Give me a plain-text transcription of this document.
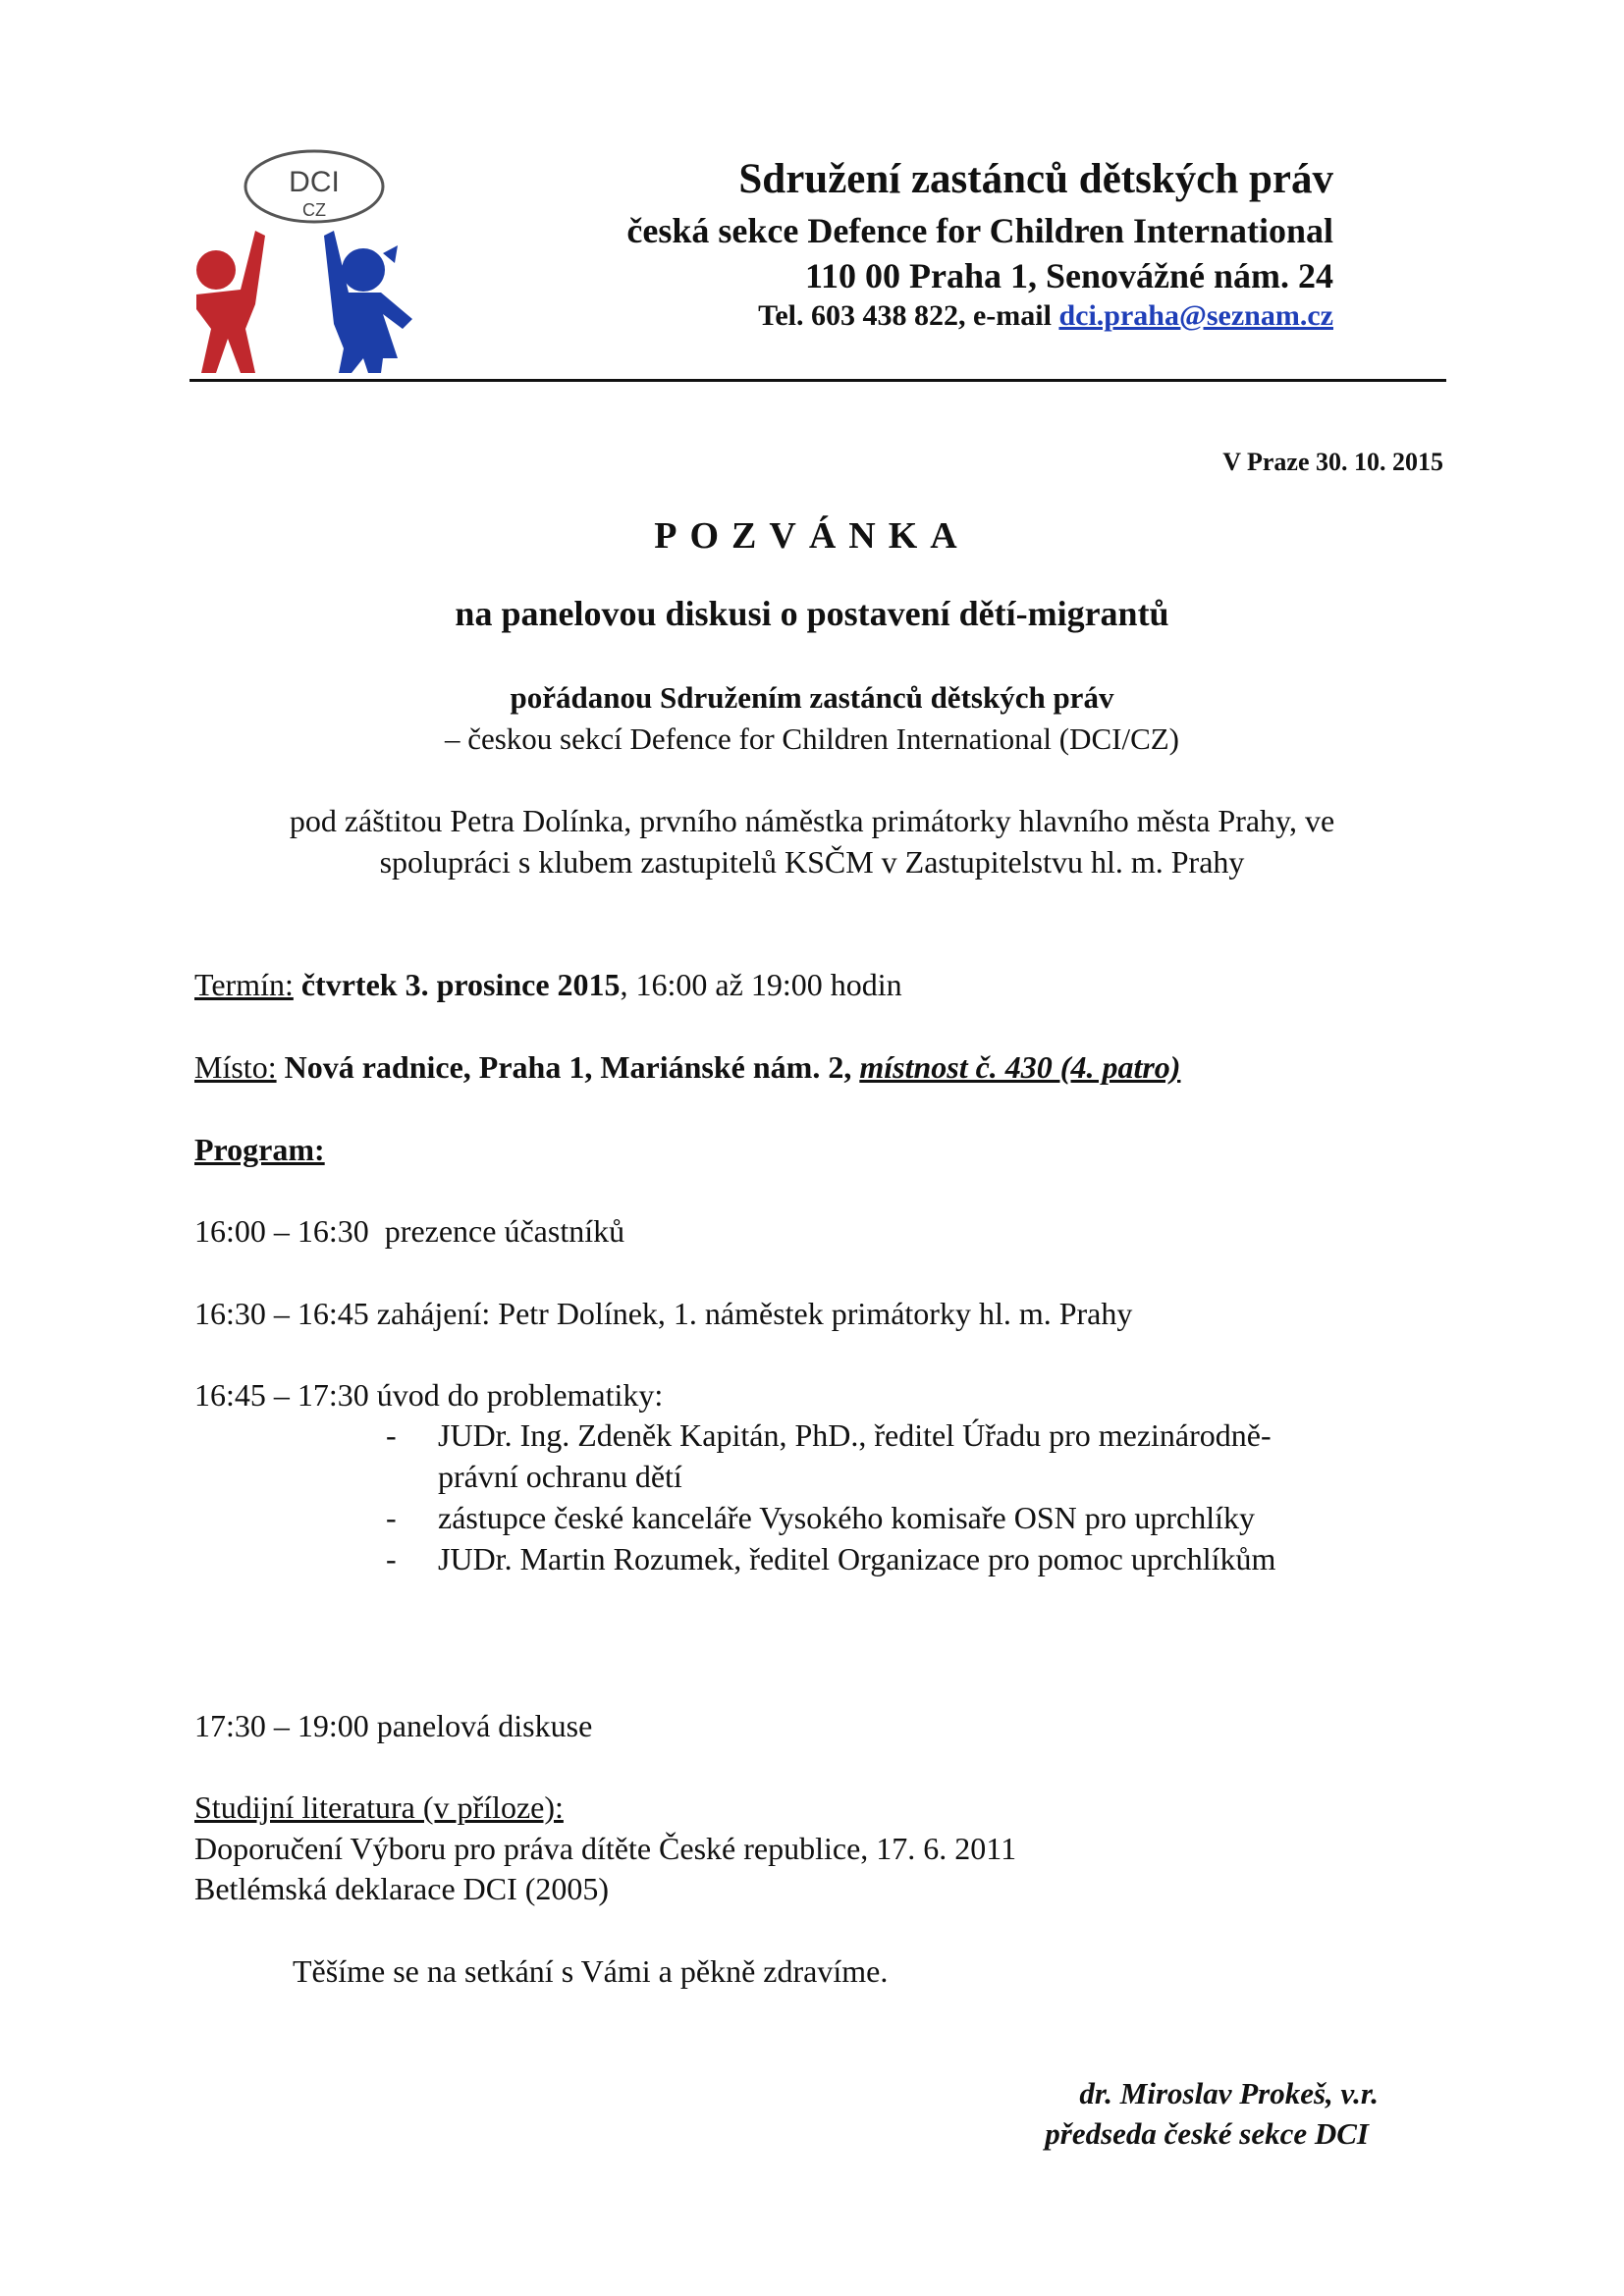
DCI
CZ
Sdružení zastánců dětských práv
česká sekce Defence for Children International
110 00 Praha 1, Senovážné nám. 24
Tel. 603 438 822, e-mail dci.praha@seznam.cz
V Praze 30. 10. 2015
POZVÁNKA
na panelovou diskusi o postavení dětí-migrantů
pořádanou Sdružením zastánců dětských práv
– českou sekcí Defence for Children International (DCI/CZ)
pod záštitou Petra Dolínka, prvního náměstka primátorky hlavního města Prahy, ve
spolupráci s klubem zastupitelů KSČM v Zastupitelstvu hl. m. Prahy
Termín: čtvrtek 3. prosince 2015, 16:00 až 19:00 hodin
Místo: Nová radnice, Praha 1, Mariánské nám. 2, místnost č. 430 (4. patro)
Program:
16:00 – 16:30  prezence účastníků
16:30 – 16:45 zahájení: Petr Dolínek, 1. náměstek primátorky hl. m. Prahy
16:45 – 17:30 úvod do problematiky:
- JUDr. Ing. Zdeněk Kapitán, PhD., ředitel Úřadu pro mezinárodně-
právní ochranu dětí
- zástupce české kanceláře Vysokého komisaře OSN pro uprchlíky
- JUDr. Martin Rozumek, ředitel Organizace pro pomoc uprchlíkům
17:30 – 19:00 panelová diskuse
Studijní literatura (v příloze):
Doporučení Výboru pro práva dítěte České republice, 17. 6. 2011
Betlémská deklarace DCI (2005)
Těšíme se na setkání s Vámi a pěkně zdravíme.
dr. Miroslav Prokeš, v.r.
předseda české sekce DCI
